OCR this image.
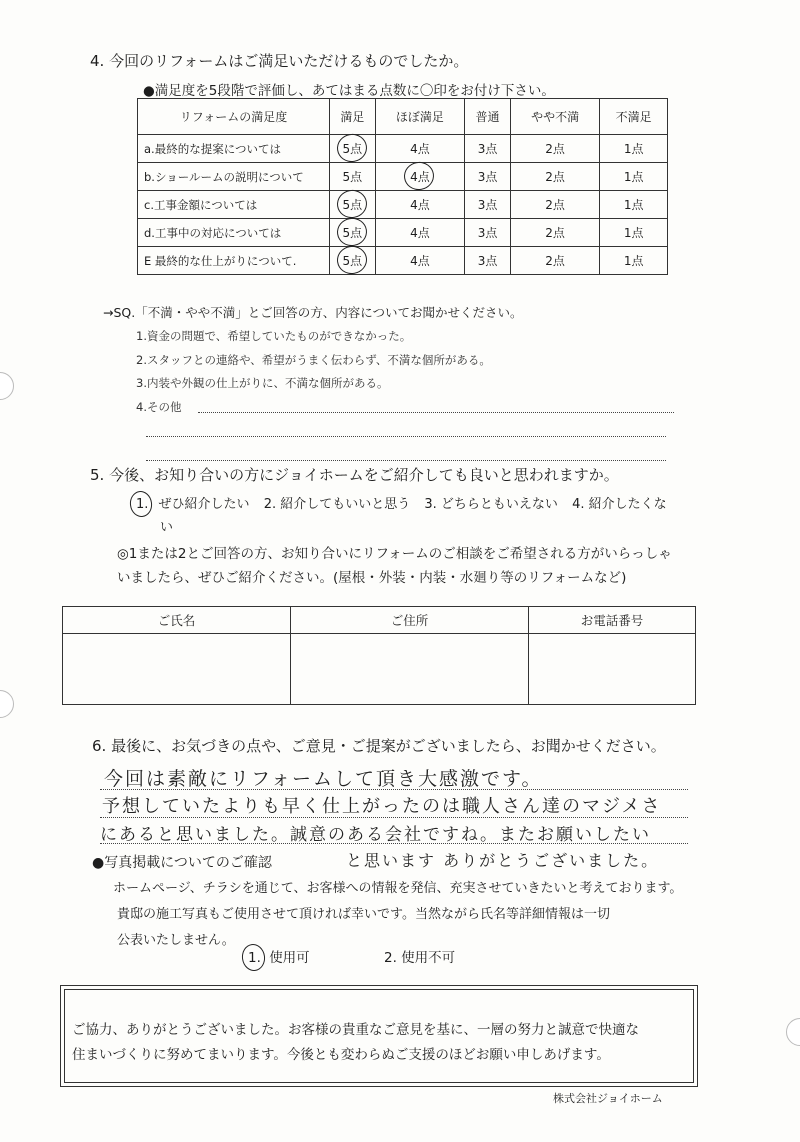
4. 今回のリフォームはご満足いただけるものでしたか。
●満足度を5段階で評価し、あてはまる点数に〇印をお付け下さい。
リフォームの満足度	満足	ほぼ満足	普通	やや不満	不満足
a.最終的な提案については	5点	4点	3点	2点	1点
b.ショールームの説明について	5点	4点	3点	2点	1点
c.工事金額については	5点	4点	3点	2点	1点
d.工事中の対応については	5点	4点	3点	2点	1点
E 最終的な仕上がりについて.	5点	4点	3点	2点	1点
→SQ.「不満・やや不満」とご回答の方、内容についてお聞かせください。
1.資金の問題で、希望していたものができなかった。
2.スタッフとの連絡や、希望がうまく伝わらず、不満な個所がある。
3.内装や外観の仕上がりに、不満な個所がある。
4.その他
5. 今後、お知り合いの方にジョイホームをご紹介しても良いと思われますか。
1. ぜひ紹介したい 2. 紹介してもいいと思う 3. どちらともいえない 4. 紹介したくな
い
◎1または2とご回答の方、お知り合いにリフォームのご相談をご希望される方がいらっしゃ
いましたら、ぜひご紹介ください。(屋根・外装・内装・水廻り等のリフォームなど)
ご氏名	ご住所	お電話番号

6. 最後に、お気づきの点や、ご意見・ご提案がございましたら、お聞かせください。
今回は素敵にリフォームして頂き大感激です。
予想していたよりも早く仕上がったのは職人さん達のマジメさ
にあると思いました。誠意のある会社ですね。またお願いしたい
と思います ありがとうございました。
●写真掲載についてのご確認
ホームページ、チラシを通じて、お客様への情報を発信、充実させていきたいと考えております。
貴邸の施工写真もご使用させて頂ければ幸いです。当然ながら氏名等詳細情報は一切
公表いたしません。
1. 使用可	2. 使用不可
ご協力、ありがとうございました。お客様の貴重なご意見を基に、一層の努力と誠意で快適な
住まいづくりに努めてまいります。今後とも変わらぬご支援のほどお願い申しあげます。
株式会社ジョイホーム
